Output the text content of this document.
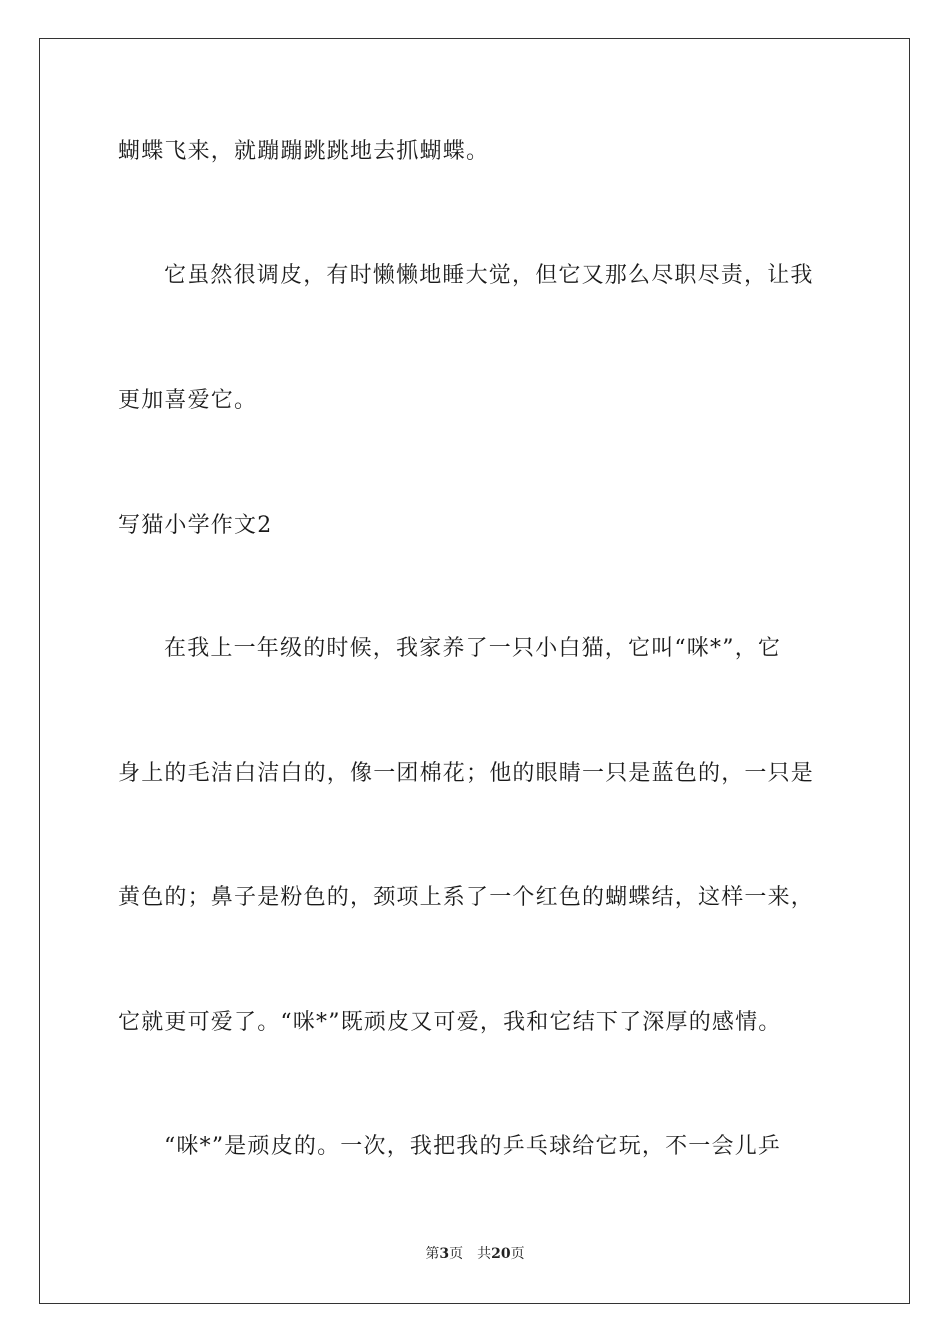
蝴蝶飞来，就蹦蹦跳跳地去抓蝴蝶。
它虽然很调皮，有时懒懒地睡大觉，但它又那么尽职尽责，让我
更加喜爱它。
写猫小学作文2
在我上一年级的时候，我家养了一只小白猫，它叫“咪*”，它
身上的毛洁白洁白的，像一团棉花；他的眼睛一只是蓝色的，一只是
黄色的；鼻子是粉色的，颈项上系了一个红色的蝴蝶结，这样一来，
它就更可爱了。“咪*”既顽皮又可爱，我和它结下了深厚的感情。
“咪*”是顽皮的。一次，我把我的乒乓球给它玩，不一会儿乒
第3页 共20页
